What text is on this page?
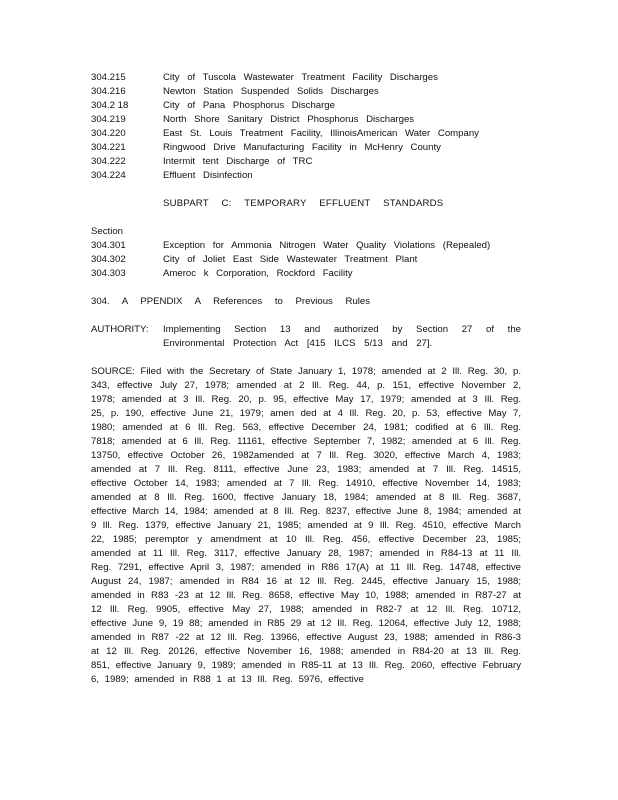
304.215	City of Tuscola Wastewater Treatment Facility Discharges
304.216	Newton Station Suspended Solids Discharges
304.2 18	City of Pana Phosphorus Discharge
304.219	North Shore Sanitary District Phosphorus Discharges
304.220	East St. Louis Treatment Facility, IllinoisAmerican Water Company
304.221	Ringwood Drive Manufacturing Facility in McHenry County
304.222	Intermit tent Discharge of TRC
304.224	Effluent Disinfection
SUBPART C: TEMPORARY EFFLUENT STANDARDS
Section
304.301	Exception for Ammonia Nitrogen Water Quality Violations (Repealed)
304.302	City of Joliet East Side Wastewater Treatment Plant
304.303	Ameroc k Corporation, Rockford Facility
304. A PPENDIX A References to Previous Rules
AUTHORITY:	Implementing Section 13 and authorized by Section 27 of the Environmental Protection Act [415 ILCS 5/13 and 27].
SOURCE: Filed with the Secretary of State January 1, 1978; amended at 2 Ill. Reg. 30, p. 343, effective July 27, 1978; amended at 2 Ill. Reg. 44, p. 151, effective November 2, 1978; amended at 3 Ill. Reg. 20, p. 95, effective May 17, 1979; amended at 3 Ill. Reg. 25, p. 190, effective June 21, 1979; amen ded at 4 Ill. Reg. 20, p. 53, effective May 7, 1980; amended at 6 Ill. Reg. 563, effective December 24, 1981; codified at 6 Ill. Reg. 7818; amended at 6 Ill. Reg. 11161, effective September 7, 1982; amended at 6 Ill. Reg. 13750, effective October 26, 1982amended at 7 Ill. Reg. 3020, effective March 4, 1983; amended at 7 Ill. Reg. 8111, effective June 23, 1983; amended at 7 Ill. Reg. 14515, effective October 14, 1983; amended at 7 Ill. Reg. 14910, effective November 14, 1983; amended at 8 Ill. Reg. 1600, ffective January 18, 1984; amended at 8 Ill. Reg. 3687, effective March 14, 1984; amended at 8 Ill. Reg. 8237, effective June 8, 1984; amended at 9 Ill. Reg. 1379, effective January 21, 1985; amended at 9 Ill. Reg. 4510, effective March 22, 1985; peremptor y amendment at 10 Ill. Reg. 456, effective December 23, 1985; amended at 11 Ill. Reg. 3117, effective January 28, 1987; amended in R84-13 at 11 Ill. Reg. 7291, effective April 3, 1987; amended in R86 17(A) at 11 Ill. Reg. 14748, effective August 24, 1987; amended in R84 16 at 12 Ill. Reg. 2445, effective January 15, 1988; amended in R83 -23 at 12 Ill. Reg. 8658, effective May 10, 1988; amended in R87-27 at 12 Ill. Reg. 9905, effective May 27, 1988; amended in R82-7 at 12 Ill. Reg. 10712, effective June 9, 19 88; amended in R85 29 at 12 Ill. Reg. 12064, effective July 12, 1988; amended in R87 -22 at 12 Ill. Reg. 13966, effective August 23, 1988; amended in R86-3 at 12 Ill. Reg. 20126, effective November 16, 1988; amended in R84-20 at 13 Ill. Reg. 851, effective January 9, 1989; amended in R85-11 at 13 Ill. Reg. 2060, effective February 6, 1989; amended in R88 1 at 13 Ill. Reg. 5976, effective
